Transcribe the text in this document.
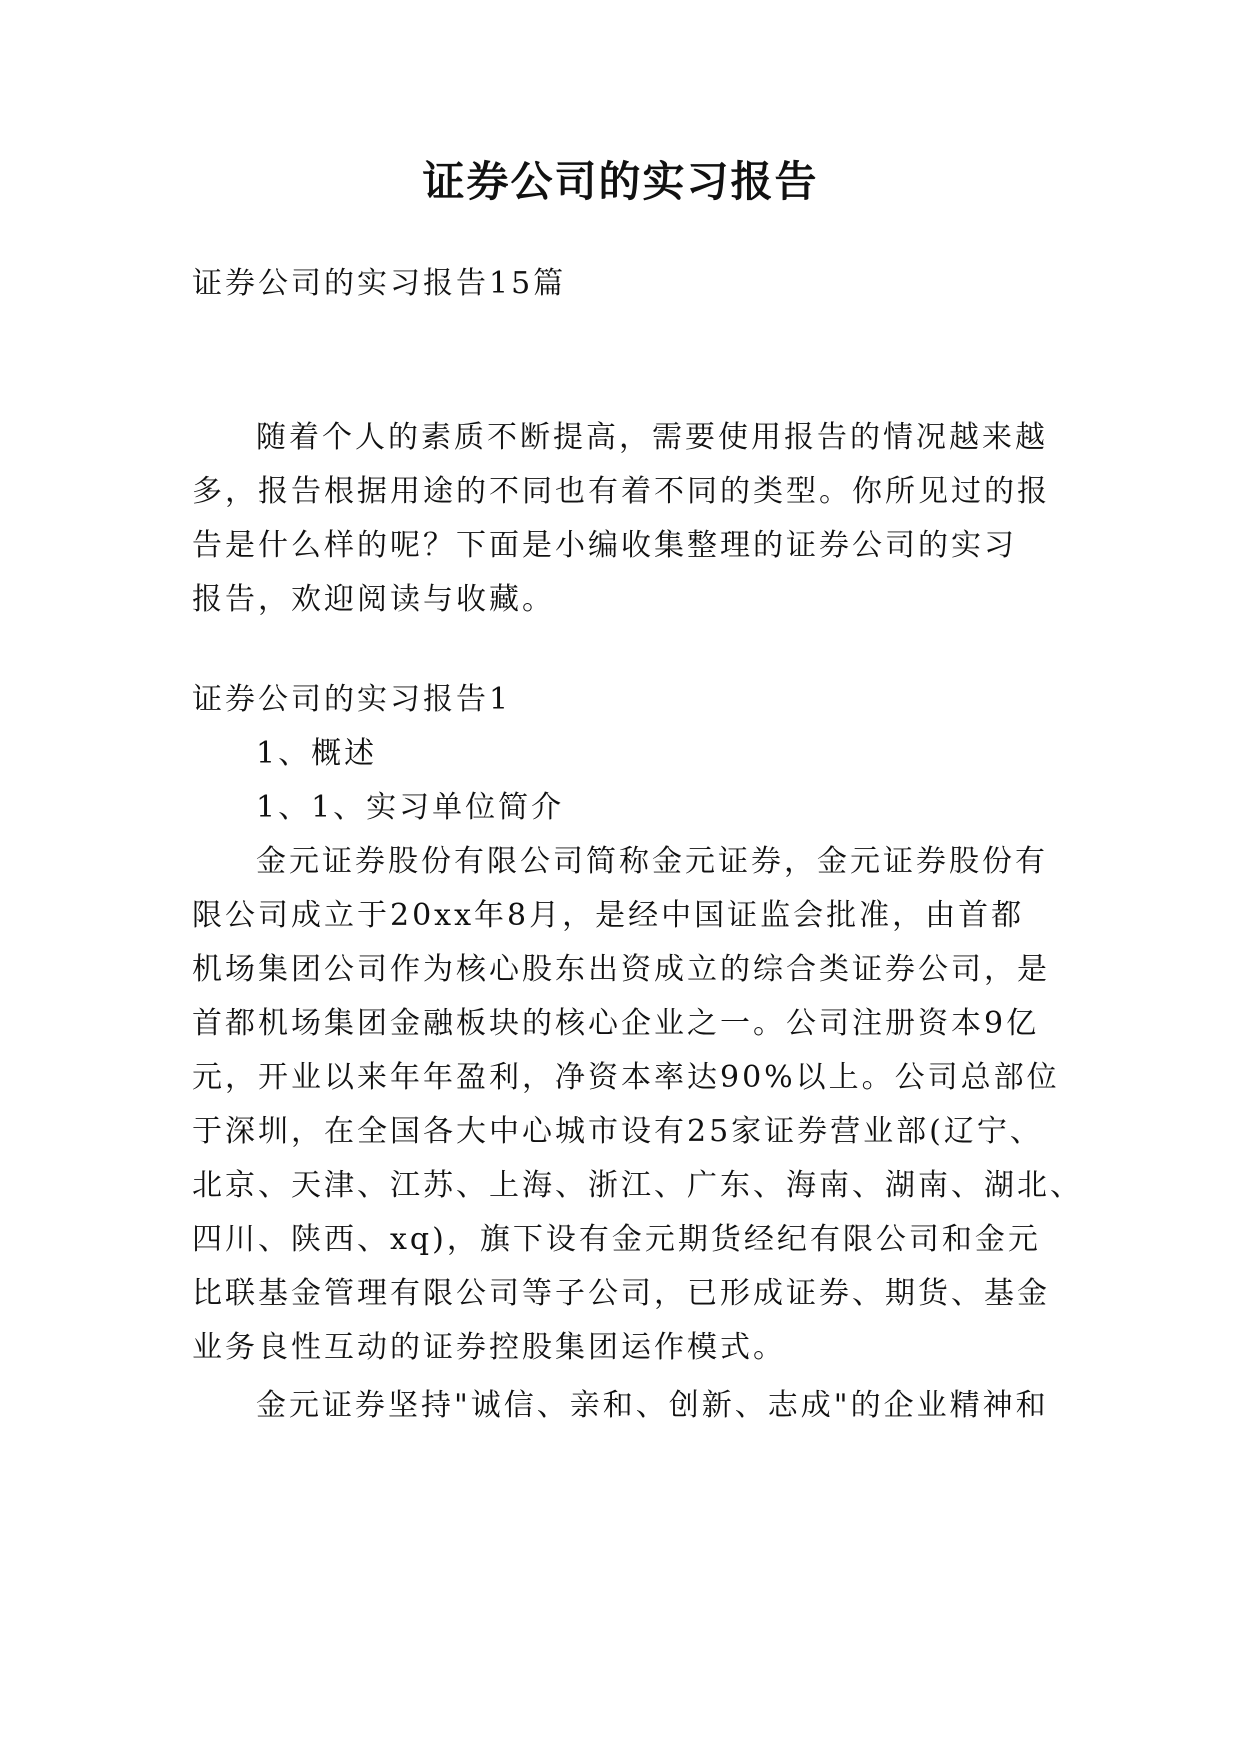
证券公司的实习报告
证券公司的实习报告15篇
随着个人的素质不断提高，需要使用报告的情况越来越
多，报告根据用途的不同也有着不同的类型。你所见过的报
告是什么样的呢？下面是小编收集整理的证券公司的实习
报告，欢迎阅读与收藏。
证券公司的实习报告1
1、概述
1、1、实习单位简介
金元证券股份有限公司简称金元证券，金元证券股份有
限公司成立于20xx年8月，是经中国证监会批准，由首都
机场集团公司作为核心股东出资成立的综合类证券公司，是
首都机场集团金融板块的核心企业之一。公司注册资本9亿
元，开业以来年年盈利，净资本率达90%以上。公司总部位
于深圳，在全国各大中心城市设有25家证券营业部(辽宁、
北京、天津、江苏、上海、浙江、广东、海南、湖南、湖北、
四川、陕西、xq)，旗下设有金元期货经纪有限公司和金元
比联基金管理有限公司等子公司，已形成证券、期货、基金
业务良性互动的证券控股集团运作模式。
金元证券坚持"诚信、亲和、创新、志成"的企业精神和
